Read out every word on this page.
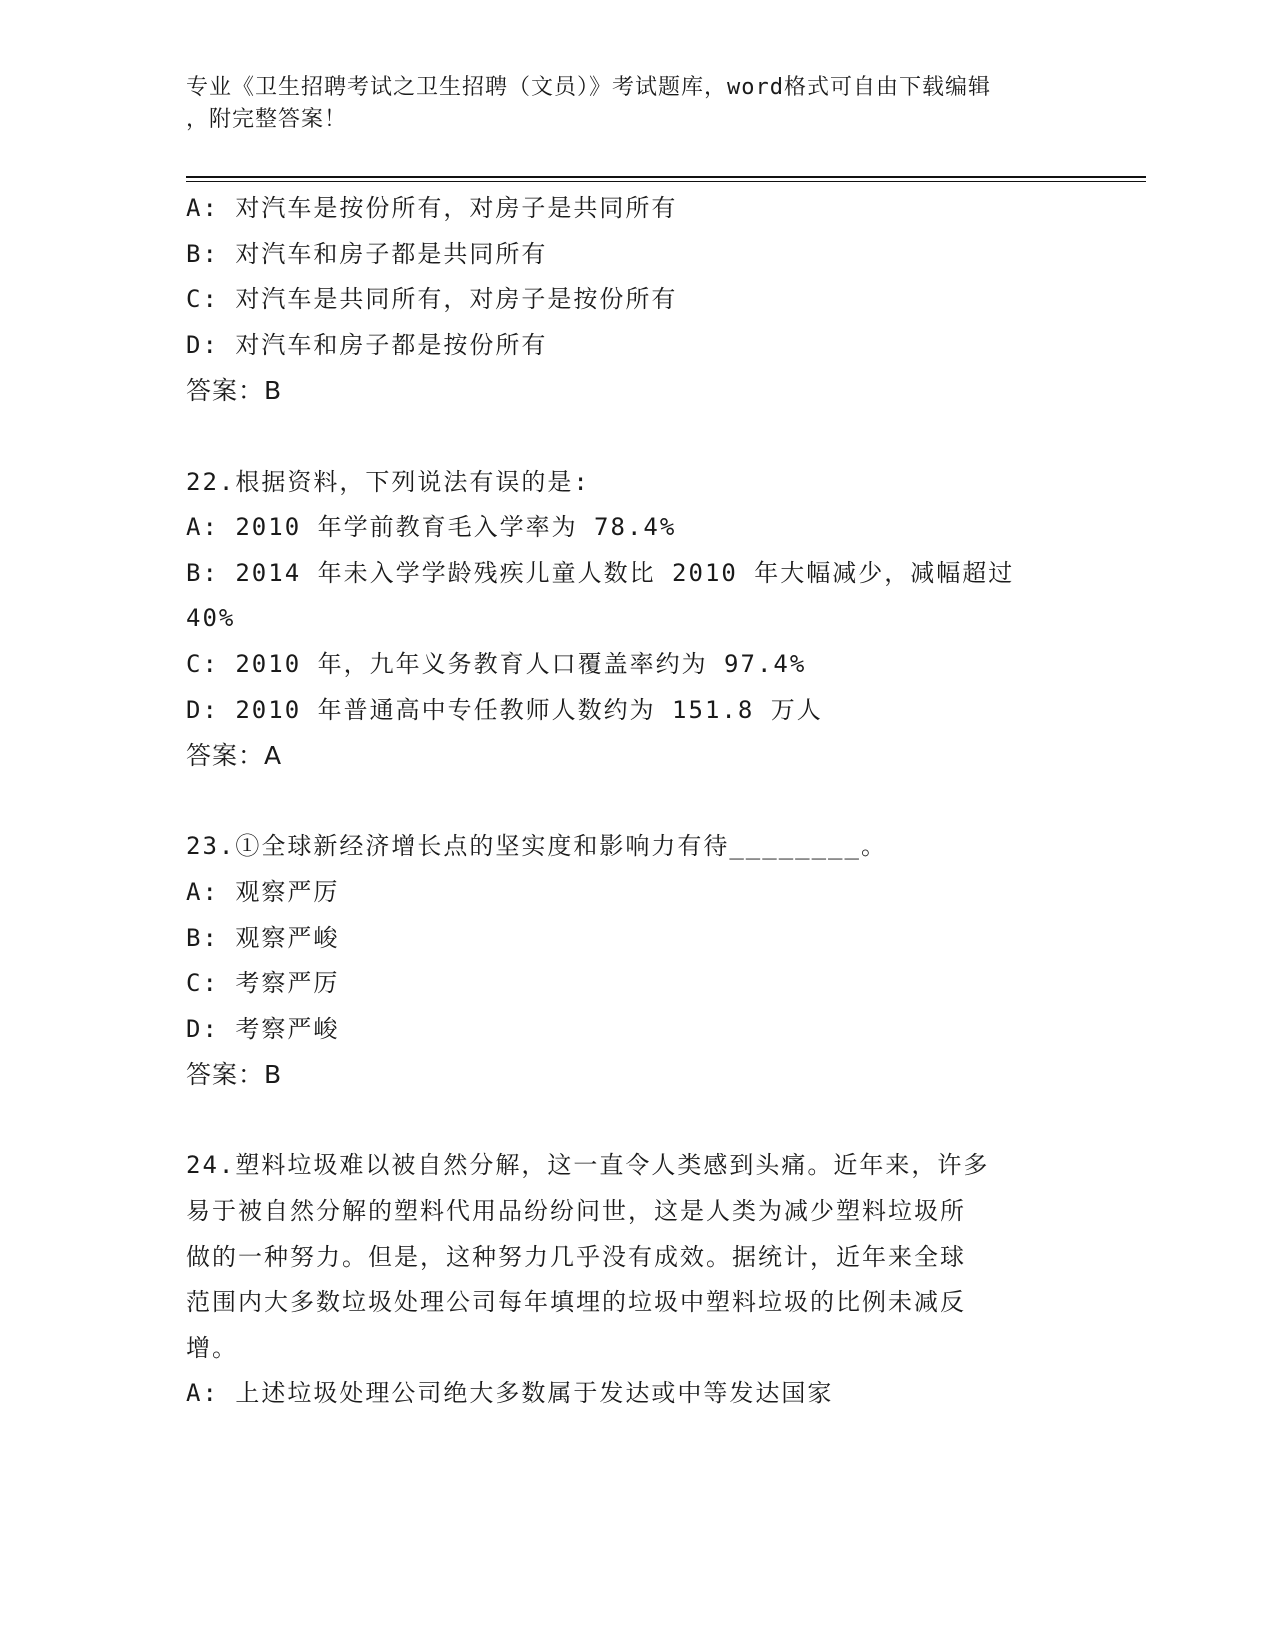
专业《卫生招聘考试之卫生招聘（文员）》考试题库，word格式可自由下载编辑
，附完整答案！
A: 对汽车是按份所有，对房子是共同所有
B: 对汽车和房子都是共同所有
C: 对汽车是共同所有，对房子是按份所有
D: 对汽车和房子都是按份所有
答案：B
22.根据资料，下列说法有误的是:
A: 2010 年学前教育毛入学率为 78.4%
B: 2014 年未入学学龄残疾儿童人数比 2010 年大幅减少，减幅超过
40%
C: 2010 年，九年义务教育人口覆盖率约为 97.4%
D: 2010 年普通高中专任教师人数约为 151.8 万人
答案：A
23.①全球新经济增长点的坚实度和影响力有待________。
A: 观察严厉
B: 观察严峻
C: 考察严厉
D: 考察严峻
答案：B
24.塑料垃圾难以被自然分解，这一直令人类感到头痛。近年来，许多
易于被自然分解的塑料代用品纷纷问世，这是人类为减少塑料垃圾所
做的一种努力。但是，这种努力几乎没有成效。据统计，近年来全球
范围内大多数垃圾处理公司每年填埋的垃圾中塑料垃圾的比例未减反
增。
A: 上述垃圾处理公司绝大多数属于发达或中等发达国家
